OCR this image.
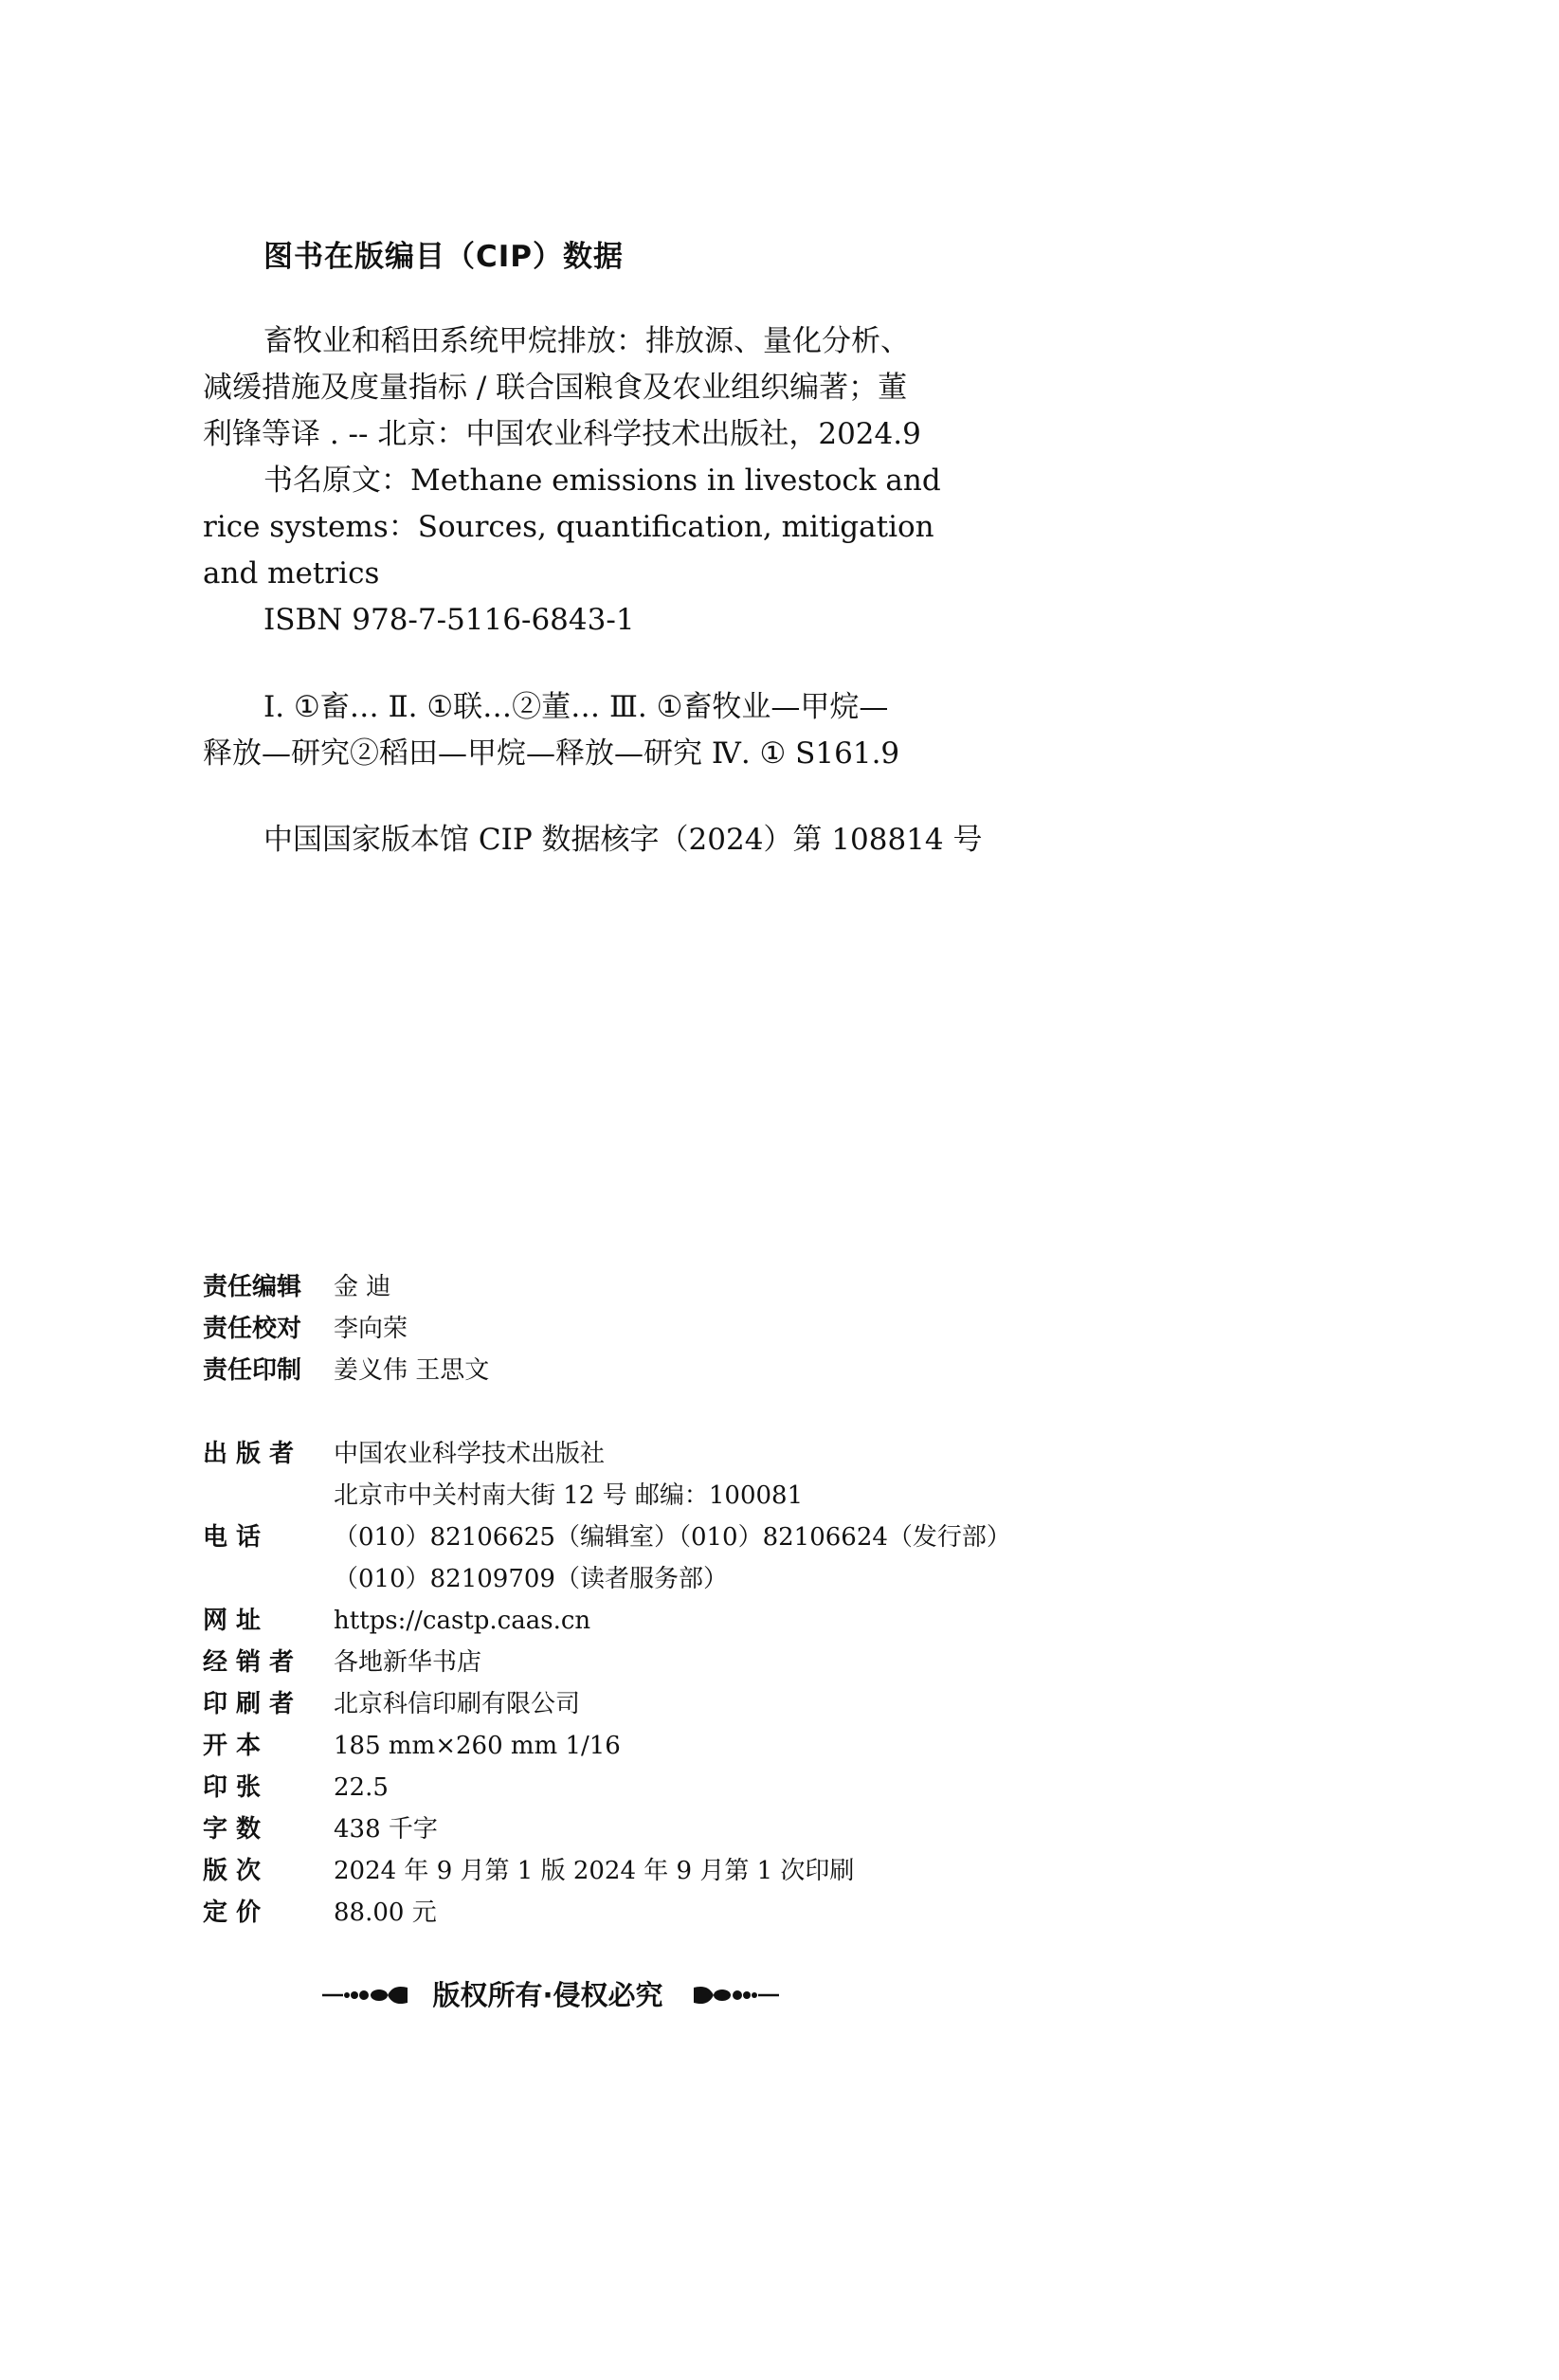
图书在版编目（CIP）数据
畜牧业和稻田系统甲烷排放：排放源、量化分析、
减缓措施及度量指标 / 联合国粮食及农业组织编著；董
利锋等译 . -- 北京：中国农业科学技术出版社，2024.9
书名原文：Methane emissions in livestock and
rice systems：Sources, quantification, mitigation
and metrics
ISBN 978-7-5116-6843-1
Ⅰ. ①畜… Ⅱ. ①联…②董… Ⅲ. ①畜牧业—甲烷—
释放—研究②稻田—甲烷—释放—研究 Ⅳ. ① S161.9
中国国家版本馆 CIP 数据核字（2024）第 108814 号
责任编辑 金 迪
责任校对 李向荣
责任印制 姜义伟 王思文
出 版 者 中国农业科学技术出版社
北京市中关村南大街 12 号 邮编：100081
电 话	（010）82106625（编辑室）（010）82106624（发行部）
（010）82109709（读者服务部）
网 址	https://castp.caas.cn
经 销 者 各地新华书店
印 刷 者 北京科信印刷有限公司
开 本	185 mm×260 mm 1/16
印 张	22.5
字 数	438 千字
版 次	2024 年 9 月第 1 版 2024 年 9 月第 1 次印刷
定 价	88.00 元
版权所有·侵权必究
